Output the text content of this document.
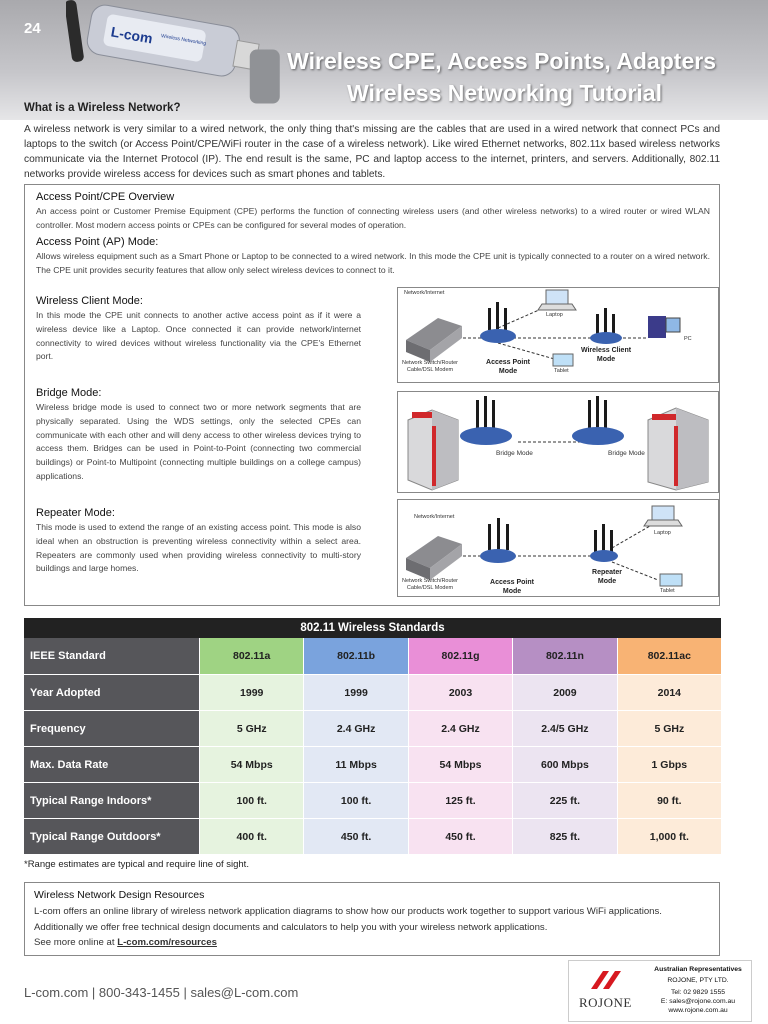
24	L-com Wireless Networking
Wireless CPE, Access Points, Adapters
Wireless Networking Tutorial
What is a Wireless Network?
A wireless network is very similar to a wired network, the only thing that's missing are the cables that are used in a wired network that connect PCs and laptops to the switch (or Access Point/CPE/WiFi router in the case of a wireless network). Like wired Ethernet networks, 802.11x based wireless networks communicate via the Internet Protocol (IP). The end result is the same, PC and laptop access to the internet, printers, and servers. Additionally, 802.11 networks provide wireless access for devices such as smart phones and tablets.
Access Point/CPE Overview
An access point or Customer Premise Equipment (CPE) performs the function of connecting wireless users (and other wireless networks) to a wired router or wired WLAN controller. Most modern access points or CPEs can be configured for several modes of operation.
Access Point (AP) Mode:
Allows wireless equipment such as a Smart Phone or Laptop to be connected to a wired network. In this mode the CPE unit is typically connected to a router on a wired network. The CPE unit provides security features that allow only select wireless devices to connect to it.
Wireless Client Mode:
In this mode the CPE unit connects to another active access point as if it were a wireless device like a Laptop. Once connected it can provide network/internet connectivity to wired devices without wireless functionality via the CPE's Ethernet port.
Bridge Mode:
Wireless bridge mode is used to connect two or more network segments that are physically separated. Using the WDS settings, only the selected CPEs can communicate with each other and will deny access to other wireless devices trying to access them. Bridges can be used in Point-to-Point (connecting two commercial buildings) or Point-to Multipoint (connecting multiple buildings on a college campus) applications.
Repeater Mode:
This mode is used to extend the range of an existing access point. This mode is also ideal when an obstruction is preventing wireless connectivity within a select area. Repeaters are commonly used when providing wireless connectivity to multi-story buildings and large homes.
Network/Internet
Network Switch/Router
Cable/DSL Modem
Access Point
Mode
Wireless Client
Mode
Laptop
Tablet
PC
Bridge Mode	Bridge Mode
Network/Internet
Network Switch/Router
Cable/DSL Modem
Access Point
Mode
Repeater
Mode
Laptop
Tablet
802.11 Wireless Standards
IEEE Standard	802.11a	802.11b	802.11g	802.11n	802.11ac
Year Adopted	1999	1999	2003	2009	2014
Frequency	5 GHz	2.4 GHz	2.4 GHz	2.4/5 GHz	5 GHz
Max. Data Rate	54 Mbps	11 Mbps	54 Mbps	600 Mbps	1 Gbps
Typical Range Indoors*	100 ft.	100 ft.	125 ft.	225 ft.	90 ft.
Typical Range Outdoors*	400 ft.	450 ft.	450 ft.	825 ft.	1,000 ft.
*Range estimates are typical and require line of sight.
Wireless Network Design Resources
L-com offers an online library of wireless network application diagrams to show how our products work together to support various WiFi applications.
Additionally we offer free technical design documents and calculators to help you with your wireless network applications.
See more online at L-com.com/resources
L-com.com | 800-343-1455 | sales@L-com.com
ROJONE
Australian Representatives
ROJONE, PTY LTD.
Tel: 02 9829 1555
E: sales@rojone.com.au
www.rojone.com.au
